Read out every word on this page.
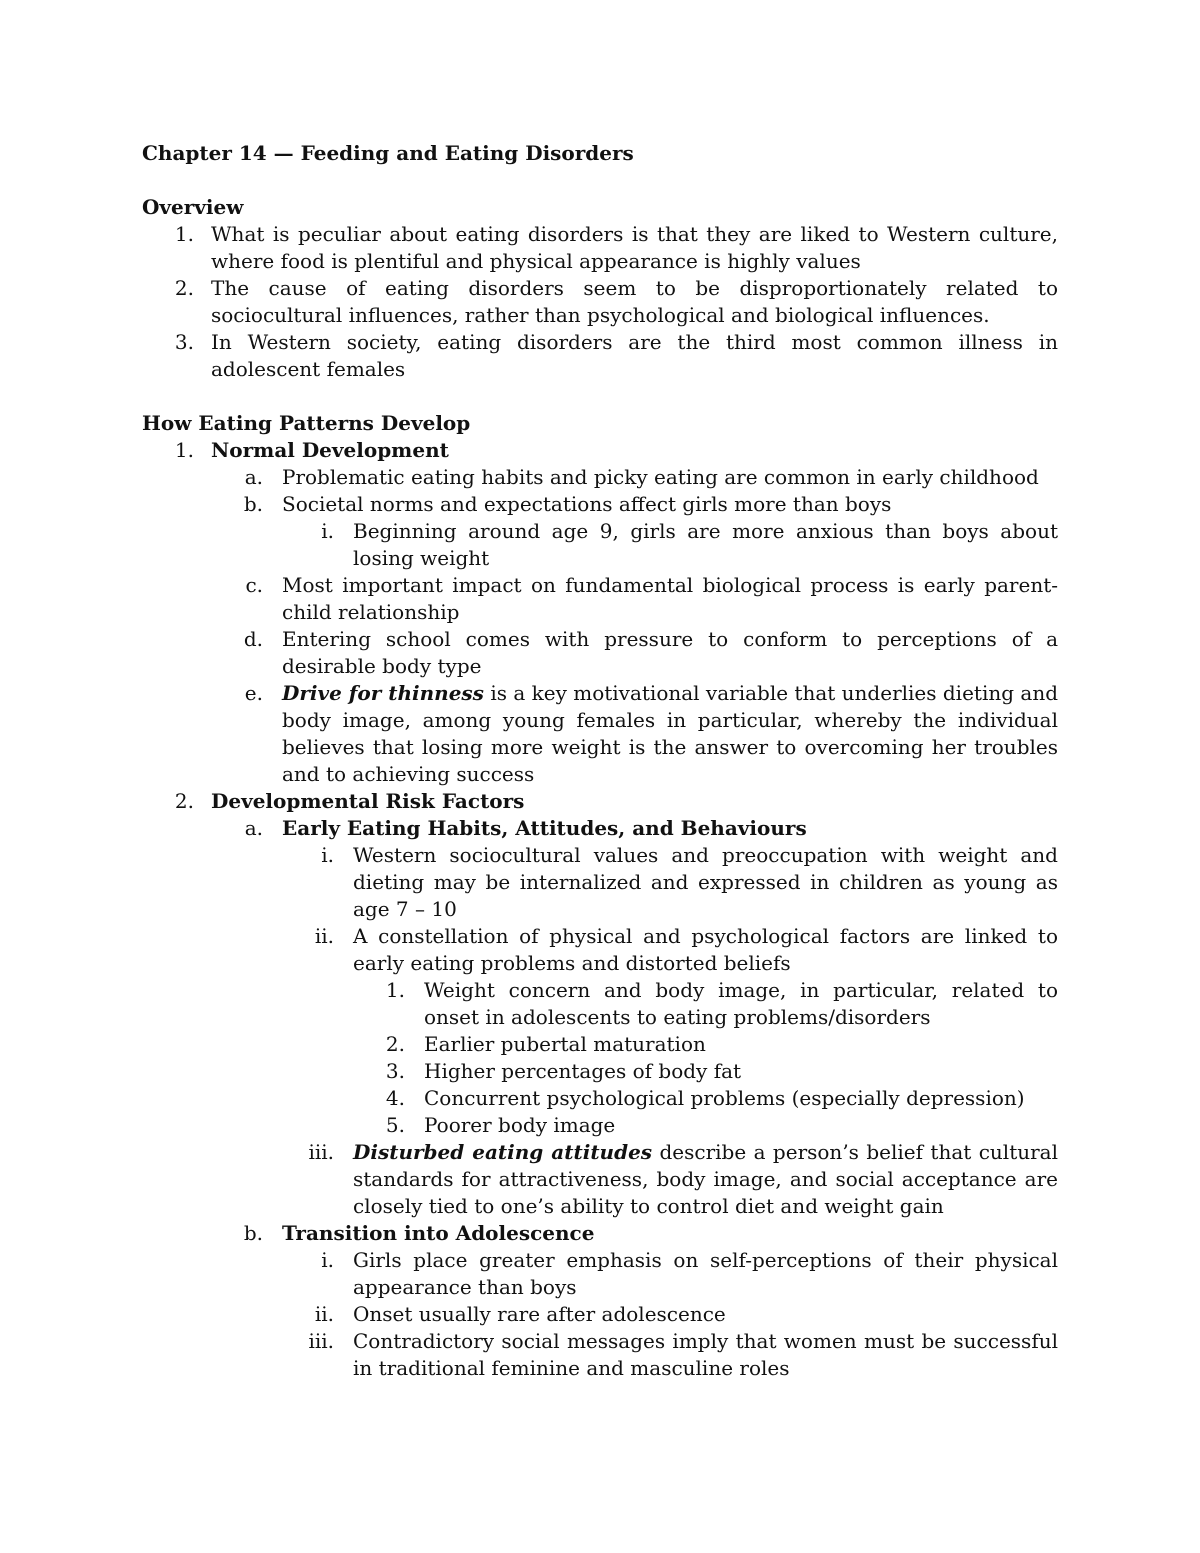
Chapter 14 — Feeding and Eating Disorders
Overview
1. What is peculiar about eating disorders is that they are liked to Western culture, where food is plentiful and physical appearance is highly values
2. The cause of eating disorders seem to be disproportionately related to sociocultural influences, rather than psychological and biological influences.
3. In Western society, eating disorders are the third most common illness in adolescent females
How Eating Patterns Develop
1. Normal Development
a. Problematic eating habits and picky eating are common in early childhood
b. Societal norms and expectations affect girls more than boys
i. Beginning around age 9, girls are more anxious than boys about losing weight
c. Most important impact on fundamental biological process is early parent-child relationship
d. Entering school comes with pressure to conform to perceptions of a desirable body type
e. Drive for thinness is a key motivational variable that underlies dieting and body image, among young females in particular, whereby the individual believes that losing more weight is the answer to overcoming her troubles and to achieving success
2. Developmental Risk Factors
a. Early Eating Habits, Attitudes, and Behaviours
i. Western sociocultural values and preoccupation with weight and dieting may be internalized and expressed in children as young as age 7 – 10
ii. A constellation of physical and psychological factors are linked to early eating problems and distorted beliefs
1. Weight concern and body image, in particular, related to onset in adolescents to eating problems/disorders
2. Earlier pubertal maturation
3. Higher percentages of body fat
4. Concurrent psychological problems (especially depression)
5. Poorer body image
iii. Disturbed eating attitudes describe a person’s belief that cultural standards for attractiveness, body image, and social acceptance are closely tied to one’s ability to control diet and weight gain
b. Transition into Adolescence
i. Girls place greater emphasis on self-perceptions of their physical appearance than boys
ii. Onset usually rare after adolescence
iii. Contradictory social messages imply that women must be successful in traditional feminine and masculine roles
